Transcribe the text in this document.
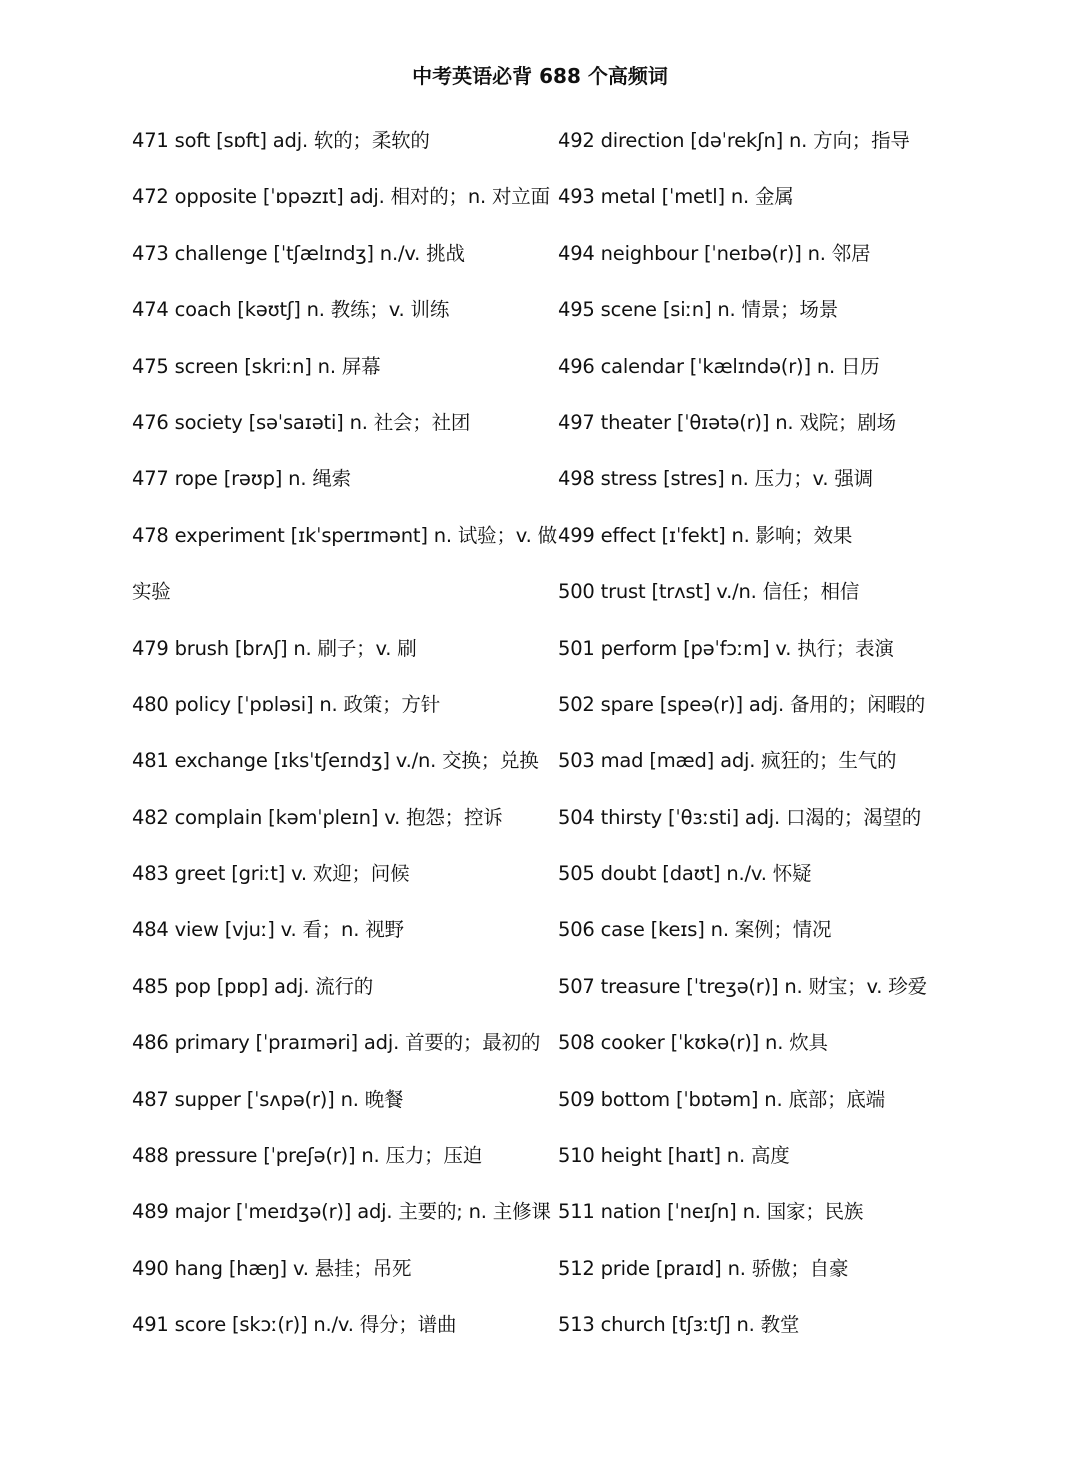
中考英语必背 688 个高频词
471 soft [sɒft] adj. 软的；柔软的
472 opposite [ˈɒpəzɪt] adj. 相对的；n. 对立面
473 challenge [ˈtʃælɪndʒ] n./v. 挑战
474 coach [kəʊtʃ] n. 教练；v. 训练
475 screen [skriːn] n. 屏幕
476 society [səˈsaɪəti] n. 社会；社团
477 rope [rəʊp] n. 绳索
478 experiment [ɪkˈsperɪmənt] n. 试验；v. 做
实验
479 brush [brʌʃ] n. 刷子；v. 刷
480 policy [ˈpɒləsi] n. 政策；方针
481 exchange [ɪksˈtʃeɪndʒ] v./n. 交换；兑换
482 complain [kəmˈpleɪn] v. 抱怨；控诉
483 greet [griːt] v. 欢迎；问候
484 view [vjuː] v. 看；n. 视野
485 pop [pɒp] adj. 流行的
486 primary [ˈpraɪməri] adj. 首要的；最初的
487 supper [ˈsʌpə(r)] n. 晚餐
488 pressure [ˈpreʃə(r)] n. 压力；压迫
489 major [ˈmeɪdʒə(r)] adj. 主要的; n. 主修课
490 hang [hæŋ] v. 悬挂；吊死
491 score [skɔː(r)] n./v. 得分；谱曲
492 direction [dəˈrekʃn] n. 方向；指导
493 metal [ˈmetl] n. 金属
494 neighbour [ˈneɪbə(r)] n. 邻居
495 scene [siːn] n. 情景；场景
496 calendar [ˈkælɪndə(r)] n. 日历
497 theater [ˈθɪətə(r)] n. 戏院；剧场
498 stress [stres] n. 压力；v. 强调
499 effect [ɪˈfekt] n. 影响；效果
500 trust [trʌst] v./n. 信任；相信
501 perform [pəˈfɔːm] v. 执行；表演
502 spare [speə(r)] adj. 备用的；闲暇的
503 mad [mæd] adj. 疯狂的；生气的
504 thirsty [ˈθɜːsti] adj. 口渴的；渴望的
505 doubt [daʊt] n./v. 怀疑
506 case [keɪs] n. 案例；情况
507 treasure [ˈtreʒə(r)] n. 财宝；v. 珍爱
508 cooker [ˈkʊkə(r)] n. 炊具
509 bottom [ˈbɒtəm] n. 底部；底端
510 height [haɪt] n. 高度
511 nation [ˈneɪʃn] n. 国家；民族
512 pride [praɪd] n. 骄傲；自豪
513 church [tʃɜːtʃ] n. 教堂
